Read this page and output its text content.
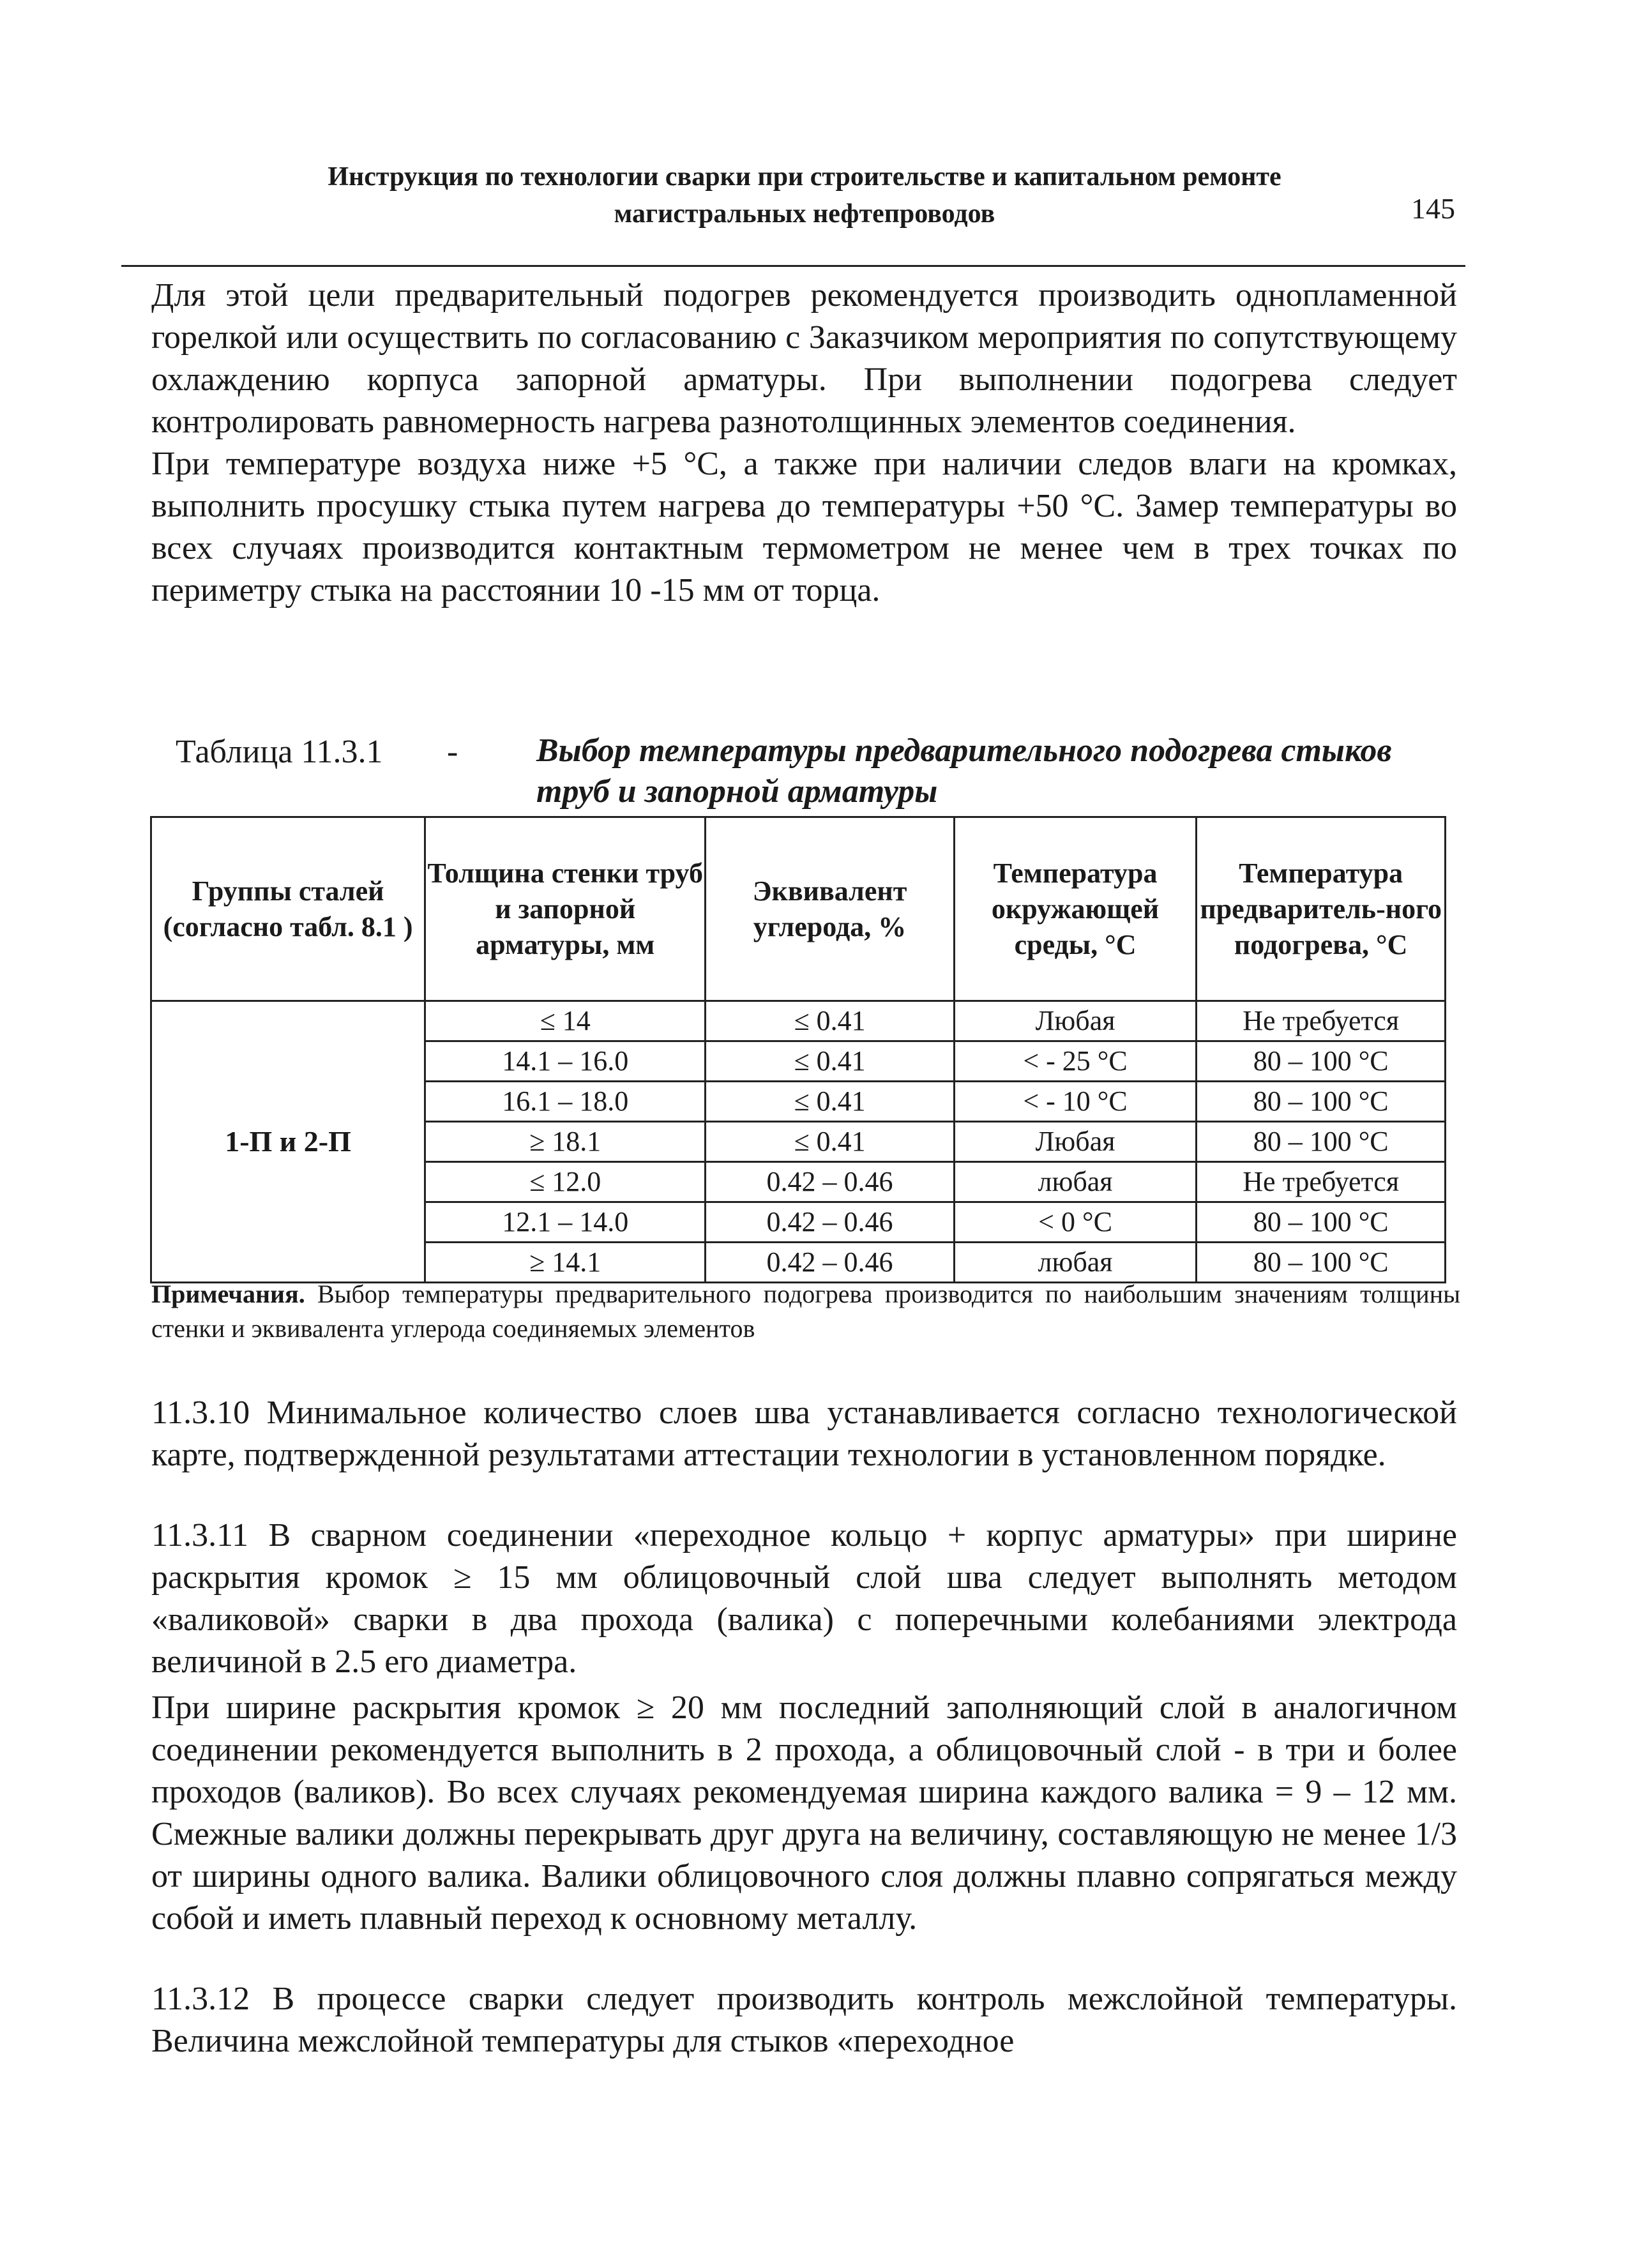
Инструкция по технологии сварки при строительстве и капитальном ремонте
магистральных нефтепроводов	145

Для этой цели предварительный подогрев рекомендуется производить однопламенной горелкой или осуществить по согласованию с Заказчиком мероприятия по сопутствующему охлаждению корпуса запорной арматуры. При выполнении подогрева следует контролировать равномерность нагрева разнотолщинных элементов соединения.

При температуре воздуха ниже +5 °С, а также при наличии следов влаги на кромках, выполнить просушку стыка путем нагрева до температуры +50 °С. Замер температуры во всех случаях производится контактным термометром не менее чем в трех точках по периметру стыка на расстоянии 10 -15 мм от торца.

Таблица 11.3.1 - Выбор температуры предварительного подогрева стыков труб и запорной арматуры
Группы сталей (согласно табл. 8.1 )	Толщина стенки труб и запорной арматуры, мм	Эквивалент углерода, %	Температура окружающей среды, °С	Температура предваритель-ного подогрева, °С
1-П и 2-П	≤ 14	≤ 0.41	Любая	Не требуется
	14.1 – 16.0	≤ 0.41	< - 25 °С	80 – 100 °С
	16.1 – 18.0	≤ 0.41	< - 10 °С	80 – 100 °С
	≥ 18.1	≤ 0.41	Любая	80 – 100 °С
	≤ 12.0	0.42 – 0.46	любая	Не требуется
	12.1 – 14.0	0.42 – 0.46	< 0 °С	80 – 100 °С
	≥ 14.1	0.42 – 0.46	любая	80 – 100 °С
Примечания. Выбор температуры предварительного подогрева производится по наибольшим значениям толщины стенки и эквивалента углерода соединяемых элементов

11.3.10 Минимальное количество слоев шва устанавливается согласно технологической карте, подтвержденной результатами аттестации технологии в установленном порядке.

11.3.11 В сварном соединении «переходное кольцо + корпус арматуры» при ширине раскрытия кромок ≥ 15 мм облицовочный слой шва следует выполнять методом «валиковой» сварки в два прохода (валика) с поперечными колебаниями электрода величиной в 2.5 его диаметра.

При ширине раскрытия кромок ≥ 20 мм последний заполняющий слой в аналогичном соединении рекомендуется выполнить в 2 прохода, а облицовочный слой - в три и более проходов (валиков). Во всех случаях рекомендуемая ширина каждого валика = 9 – 12 мм. Смежные валики должны перекрывать друг друга на величину, составляющую не менее 1/3 от ширины одного валика. Валики облицовочного слоя должны плавно сопрягаться между собой и иметь плавный переход к основному металлу.

11.3.12 В процессе сварки следует производить контроль межслойной температуры. Величина межслойной температуры для стыков «переходное
